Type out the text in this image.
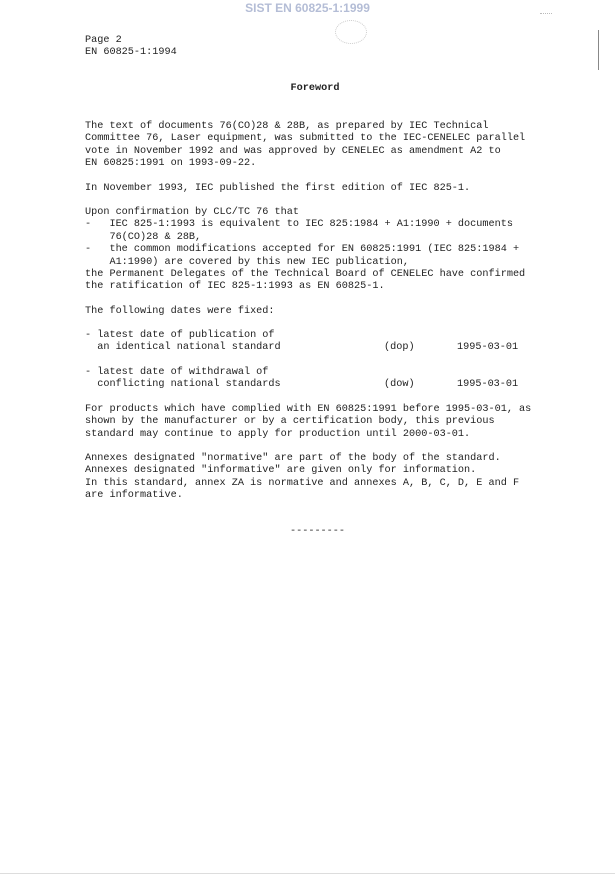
SIST EN 60825-1:1999
Page 2
EN 60825-1:1994
Foreword
The text of documents 76(CO)28 & 28B, as prepared by IEC Technical
Committee 76, Laser equipment, was submitted to the IEC-CENELEC parallel
vote in November 1992 and was approved by CENELEC as amendment A2 to
EN 60825:1991 on 1993-09-22.
In November 1993, IEC published the first edition of IEC 825-1.
Upon confirmation by CLC/TC 76 that
-   IEC 825-1:1993 is equivalent to IEC 825:1984 + A1:1990 + documents
76(CO)28 & 28B,
-   the common modifications accepted for EN 60825:1991 (IEC 825:1984 +
A1:1990) are covered by this new IEC publication,
the Permanent Delegates of the Technical Board of CENELEC have confirmed
the ratification of IEC 825-1:1993 as EN 60825-1.
The following dates were fixed:
- latest date of publication of
an identical national standard	(dop)	1995-03-01
- latest date of withdrawal of
conflicting national standards	(dow)	1995-03-01
For products which have complied with EN 60825:1991 before 1995-03-01, as
shown by the manufacturer or by a certification body, this previous
standard may continue to apply for production until 2000-03-01.
Annexes designated "normative" are part of the body of the standard.
Annexes designated "informative" are given only for information.
In this standard, annex ZA is normative and annexes A, B, C, D, E and F
are informative.
---------
